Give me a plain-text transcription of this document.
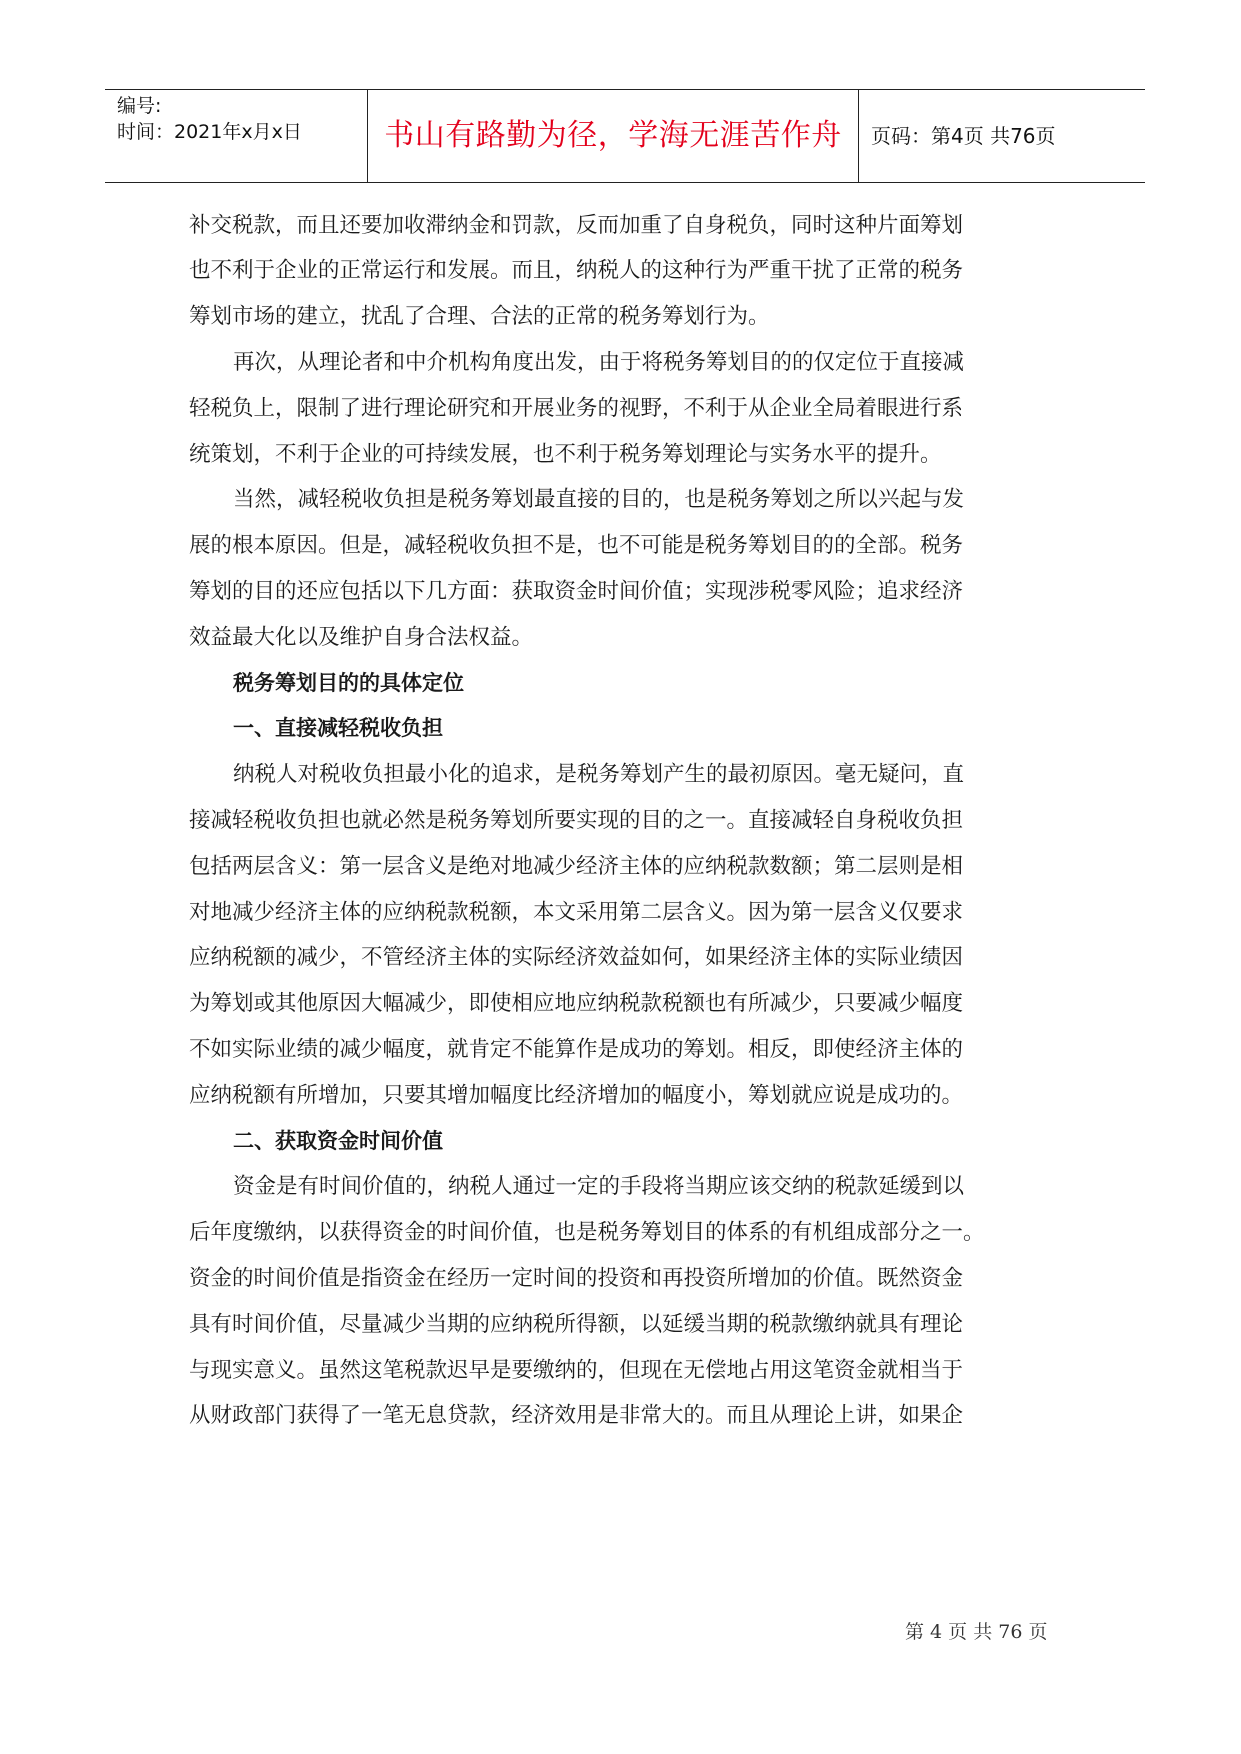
编号:
时间：2021年x月x日	书山有路勤为径，学海无涯苦作舟	页码：第4页 共76页
补交税款，而且还要加收滞纳金和罚款，反而加重了自身税负，同时这种片面筹划
也不利于企业的正常运行和发展。而且，纳税人的这种行为严重干扰了正常的税务
筹划市场的建立，扰乱了合理、合法的正常的税务筹划行为。
再次，从理论者和中介机构角度出发，由于将税务筹划目的的仅定位于直接减
轻税负上，限制了进行理论研究和开展业务的视野，不利于从企业全局着眼进行系
统策划，不利于企业的可持续发展，也不利于税务筹划理论与实务水平的提升。
当然，减轻税收负担是税务筹划最直接的目的，也是税务筹划之所以兴起与发
展的根本原因。但是，减轻税收负担不是，也不可能是税务筹划目的的全部。税务
筹划的目的还应包括以下几方面：获取资金时间价值；实现涉税零风险；追求经济
效益最大化以及维护自身合法权益。
税务筹划目的的具体定位
一、直接减轻税收负担
纳税人对税收负担最小化的追求，是税务筹划产生的最初原因。毫无疑问，直
接减轻税收负担也就必然是税务筹划所要实现的目的之一。直接减轻自身税收负担
包括两层含义：第一层含义是绝对地减少经济主体的应纳税款数额；第二层则是相
对地减少经济主体的应纳税款税额，本文采用第二层含义。因为第一层含义仅要求
应纳税额的减少，不管经济主体的实际经济效益如何，如果经济主体的实际业绩因
为筹划或其他原因大幅减少，即使相应地应纳税款税额也有所减少，只要减少幅度
不如实际业绩的减少幅度，就肯定不能算作是成功的筹划。相反，即使经济主体的
应纳税额有所增加，只要其增加幅度比经济增加的幅度小，筹划就应说是成功的。
二、获取资金时间价值
资金是有时间价值的，纳税人通过一定的手段将当期应该交纳的税款延缓到以
后年度缴纳，以获得资金的时间价值，也是税务筹划目的体系的有机组成部分之一。
资金的时间价值是指资金在经历一定时间的投资和再投资所增加的价值。既然资金
具有时间价值，尽量减少当期的应纳税所得额，以延缓当期的税款缴纳就具有理论
与现实意义。虽然这笔税款迟早是要缴纳的，但现在无偿地占用这笔资金就相当于
从财政部门获得了一笔无息贷款，经济效用是非常大的。而且从理论上讲，如果企
第 4 页 共 76 页
